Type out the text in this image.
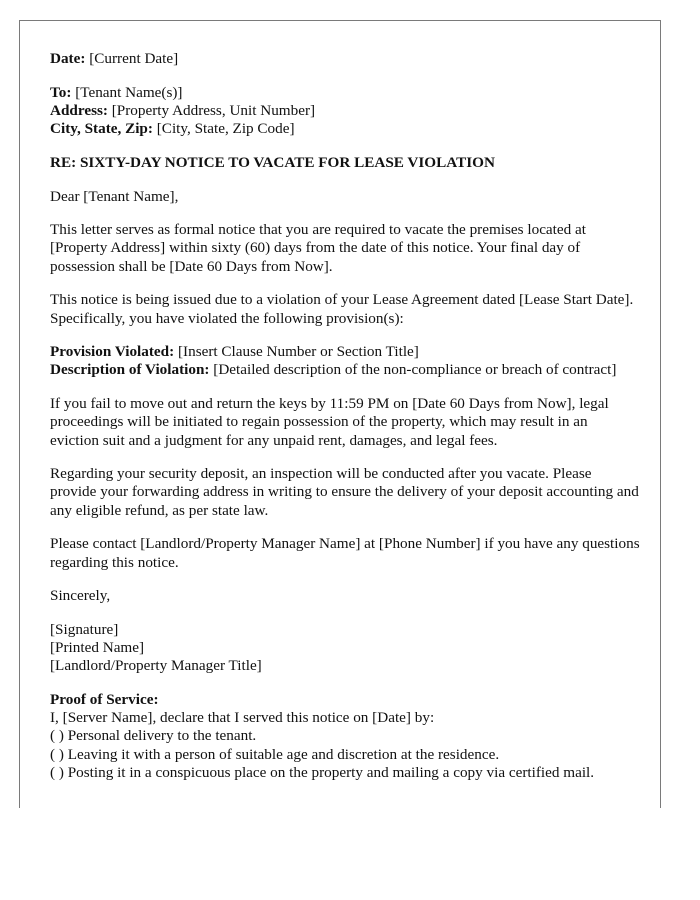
Date: [Current Date]

To: [Tenant Name(s)]

Address: [Property Address, Unit Number]

City, State, Zip: [City, State, Zip Code]

RE: SIXTY-DAY NOTICE TO VACATE FOR LEASE VIOLATION

Dear [Tenant Name],

This letter serves as formal notice that you are required to vacate the premises located at [Property Address] within sixty (60) days from the date of this notice. Your final day of possession shall be [Date 60 Days from Now].

This notice is being issued due to a violation of your Lease Agreement dated [Lease Start Date]. Specifically, you have violated the following provision(s):

Provision Violated: [Insert Clause Number or Section Title]

Description of Violation: [Detailed description of the non-compliance or breach of contract]

If you fail to move out and return the keys by 11:59 PM on [Date 60 Days from Now], legal proceedings will be initiated to regain possession of the property, which may result in an eviction suit and a judgment for any unpaid rent, damages, and legal fees.

Regarding your security deposit, an inspection will be conducted after you vacate. Please provide your forwarding address in writing to ensure the delivery of your deposit accounting and any eligible refund, as per state law.

Please contact [Landlord/Property Manager Name] at [Phone Number] if you have any questions regarding this notice.

Sincerely,

[Signature]

[Printed Name]

[Landlord/Property Manager Title]

Proof of Service:

I, [Server Name], declare that I served this notice on [Date] by:

( ) Personal delivery to the tenant.

( ) Leaving it with a person of suitable age and discretion at the residence.

( ) Posting it in a conspicuous place on the property and mailing a copy via certified mail.
